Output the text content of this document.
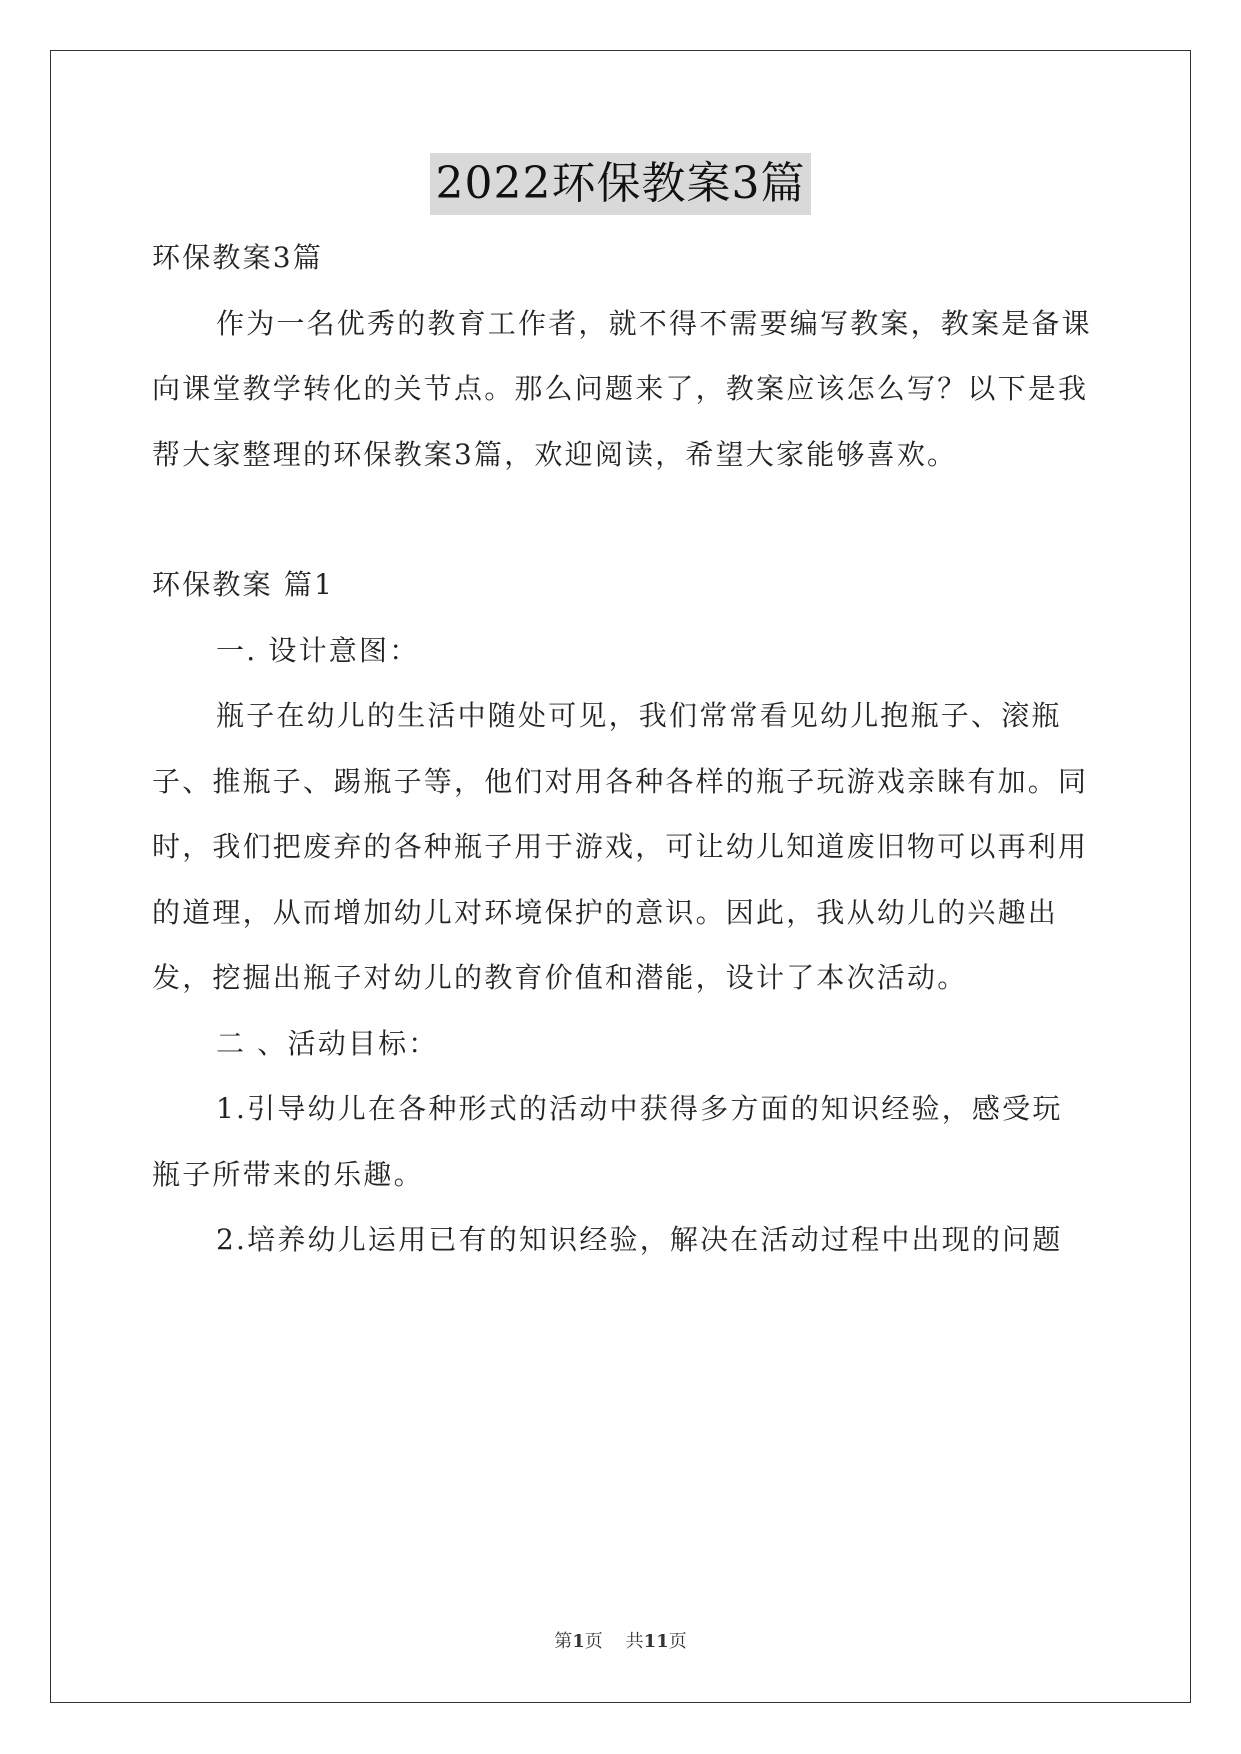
2022环保教案3篇

环保教案3篇

作为一名优秀的教育工作者，就不得不需要编写教案，教案是备课向课堂教学转化的关节点。那么问题来了，教案应该怎么写？以下是我帮大家整理的环保教案3篇，欢迎阅读，希望大家能够喜欢。

环保教案 篇1

一. 设计意图：

瓶子在幼儿的生活中随处可见，我们常常看见幼儿抱瓶子、滚瓶子、推瓶子、踢瓶子等，他们对用各种各样的瓶子玩游戏亲睐有加。同时，我们把废弃的各种瓶子用于游戏，可让幼儿知道废旧物可以再利用的道理，从而增加幼儿对环境保护的意识。因此，我从幼儿的兴趣出发，挖掘出瓶子对幼儿的教育价值和潜能，设计了本次活动。

二 、活动目标：

1.引导幼儿在各种形式的活动中获得多方面的知识经验，感受玩瓶子所带来的乐趣。

2.培养幼儿运用已有的知识经验，解决在活动过程中出现的问题

第1页 共11页
